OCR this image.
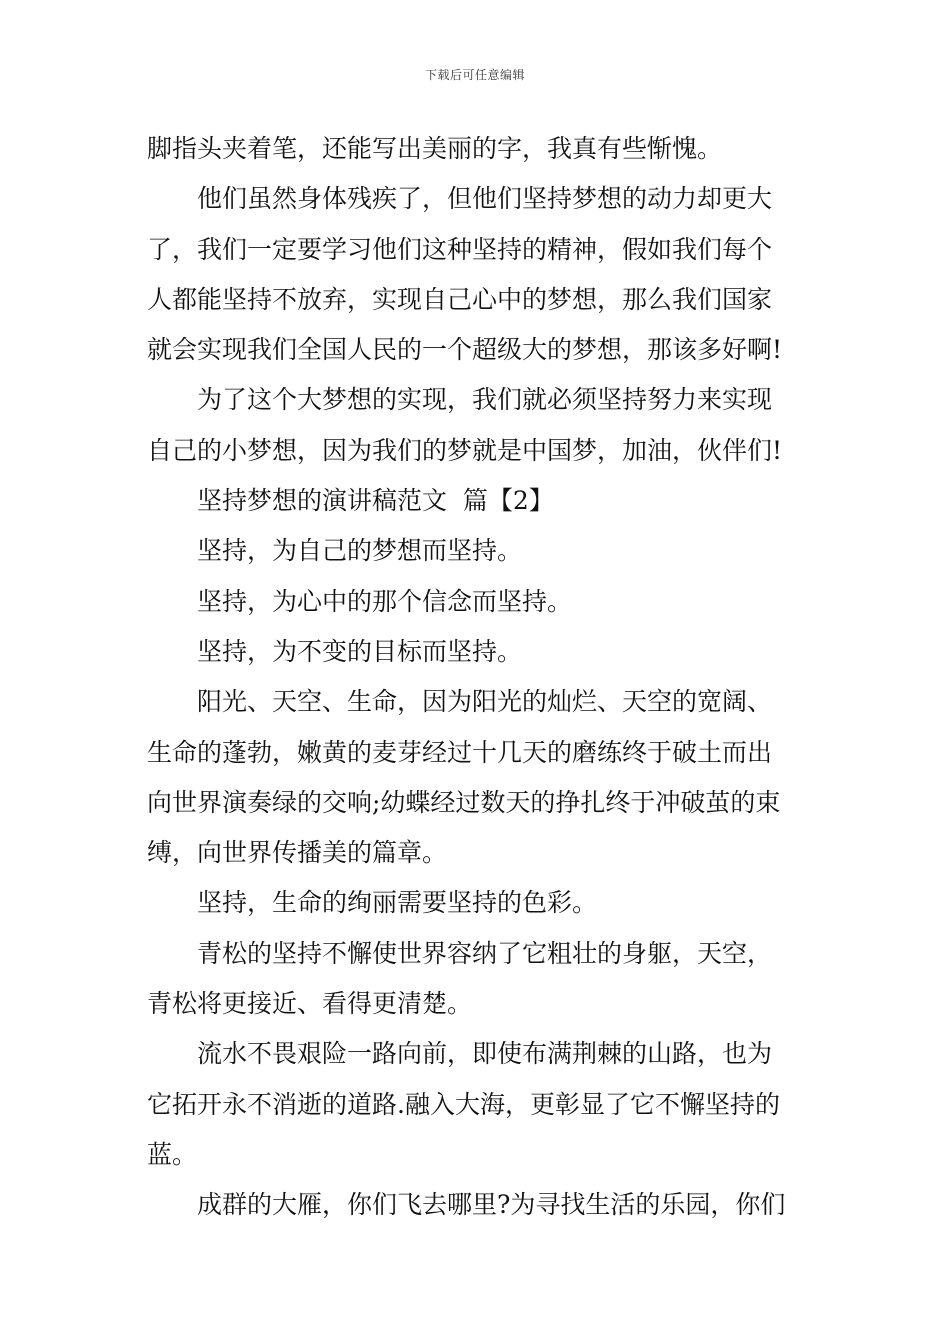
下载后可任意编辑
脚指头夹着笔，还能写出美丽的字，我真有些惭愧。
他们虽然身体残疾了，但他们坚持梦想的动力却更大
了，我们一定要学习他们这种坚持的精神，假如我们每个
人都能坚持不放弃，实现自己心中的梦想，那么我们国家
就会实现我们全国人民的一个超级大的梦想，那该多好啊!
为了这个大梦想的实现，我们就必须坚持努力来实现
自己的小梦想，因为我们的梦就是中国梦，加油，伙伴们!
坚持梦想的演讲稿范文  篇【2】
坚持，为自己的梦想而坚持。
坚持，为心中的那个信念而坚持。
坚持，为不变的目标而坚持。
阳光、天空、生命，因为阳光的灿烂、天空的宽阔、
生命的蓬勃，嫩黄的麦芽经过十几天的磨练终于破土而出
向世界演奏绿的交响;幼蝶经过数天的挣扎终于冲破茧的束
缚，向世界传播美的篇章。
坚持，生命的绚丽需要坚持的色彩。
青松的坚持不懈使世界容纳了它粗壮的身躯，天空，
青松将更接近、看得更清楚。
流水不畏艰险一路向前，即使布满荆棘的山路，也为
它拓开永不消逝的道路.融入大海，更彰显了它不懈坚持的
蓝。
成群的大雁，你们飞去哪里?为寻找生活的乐园，你们
